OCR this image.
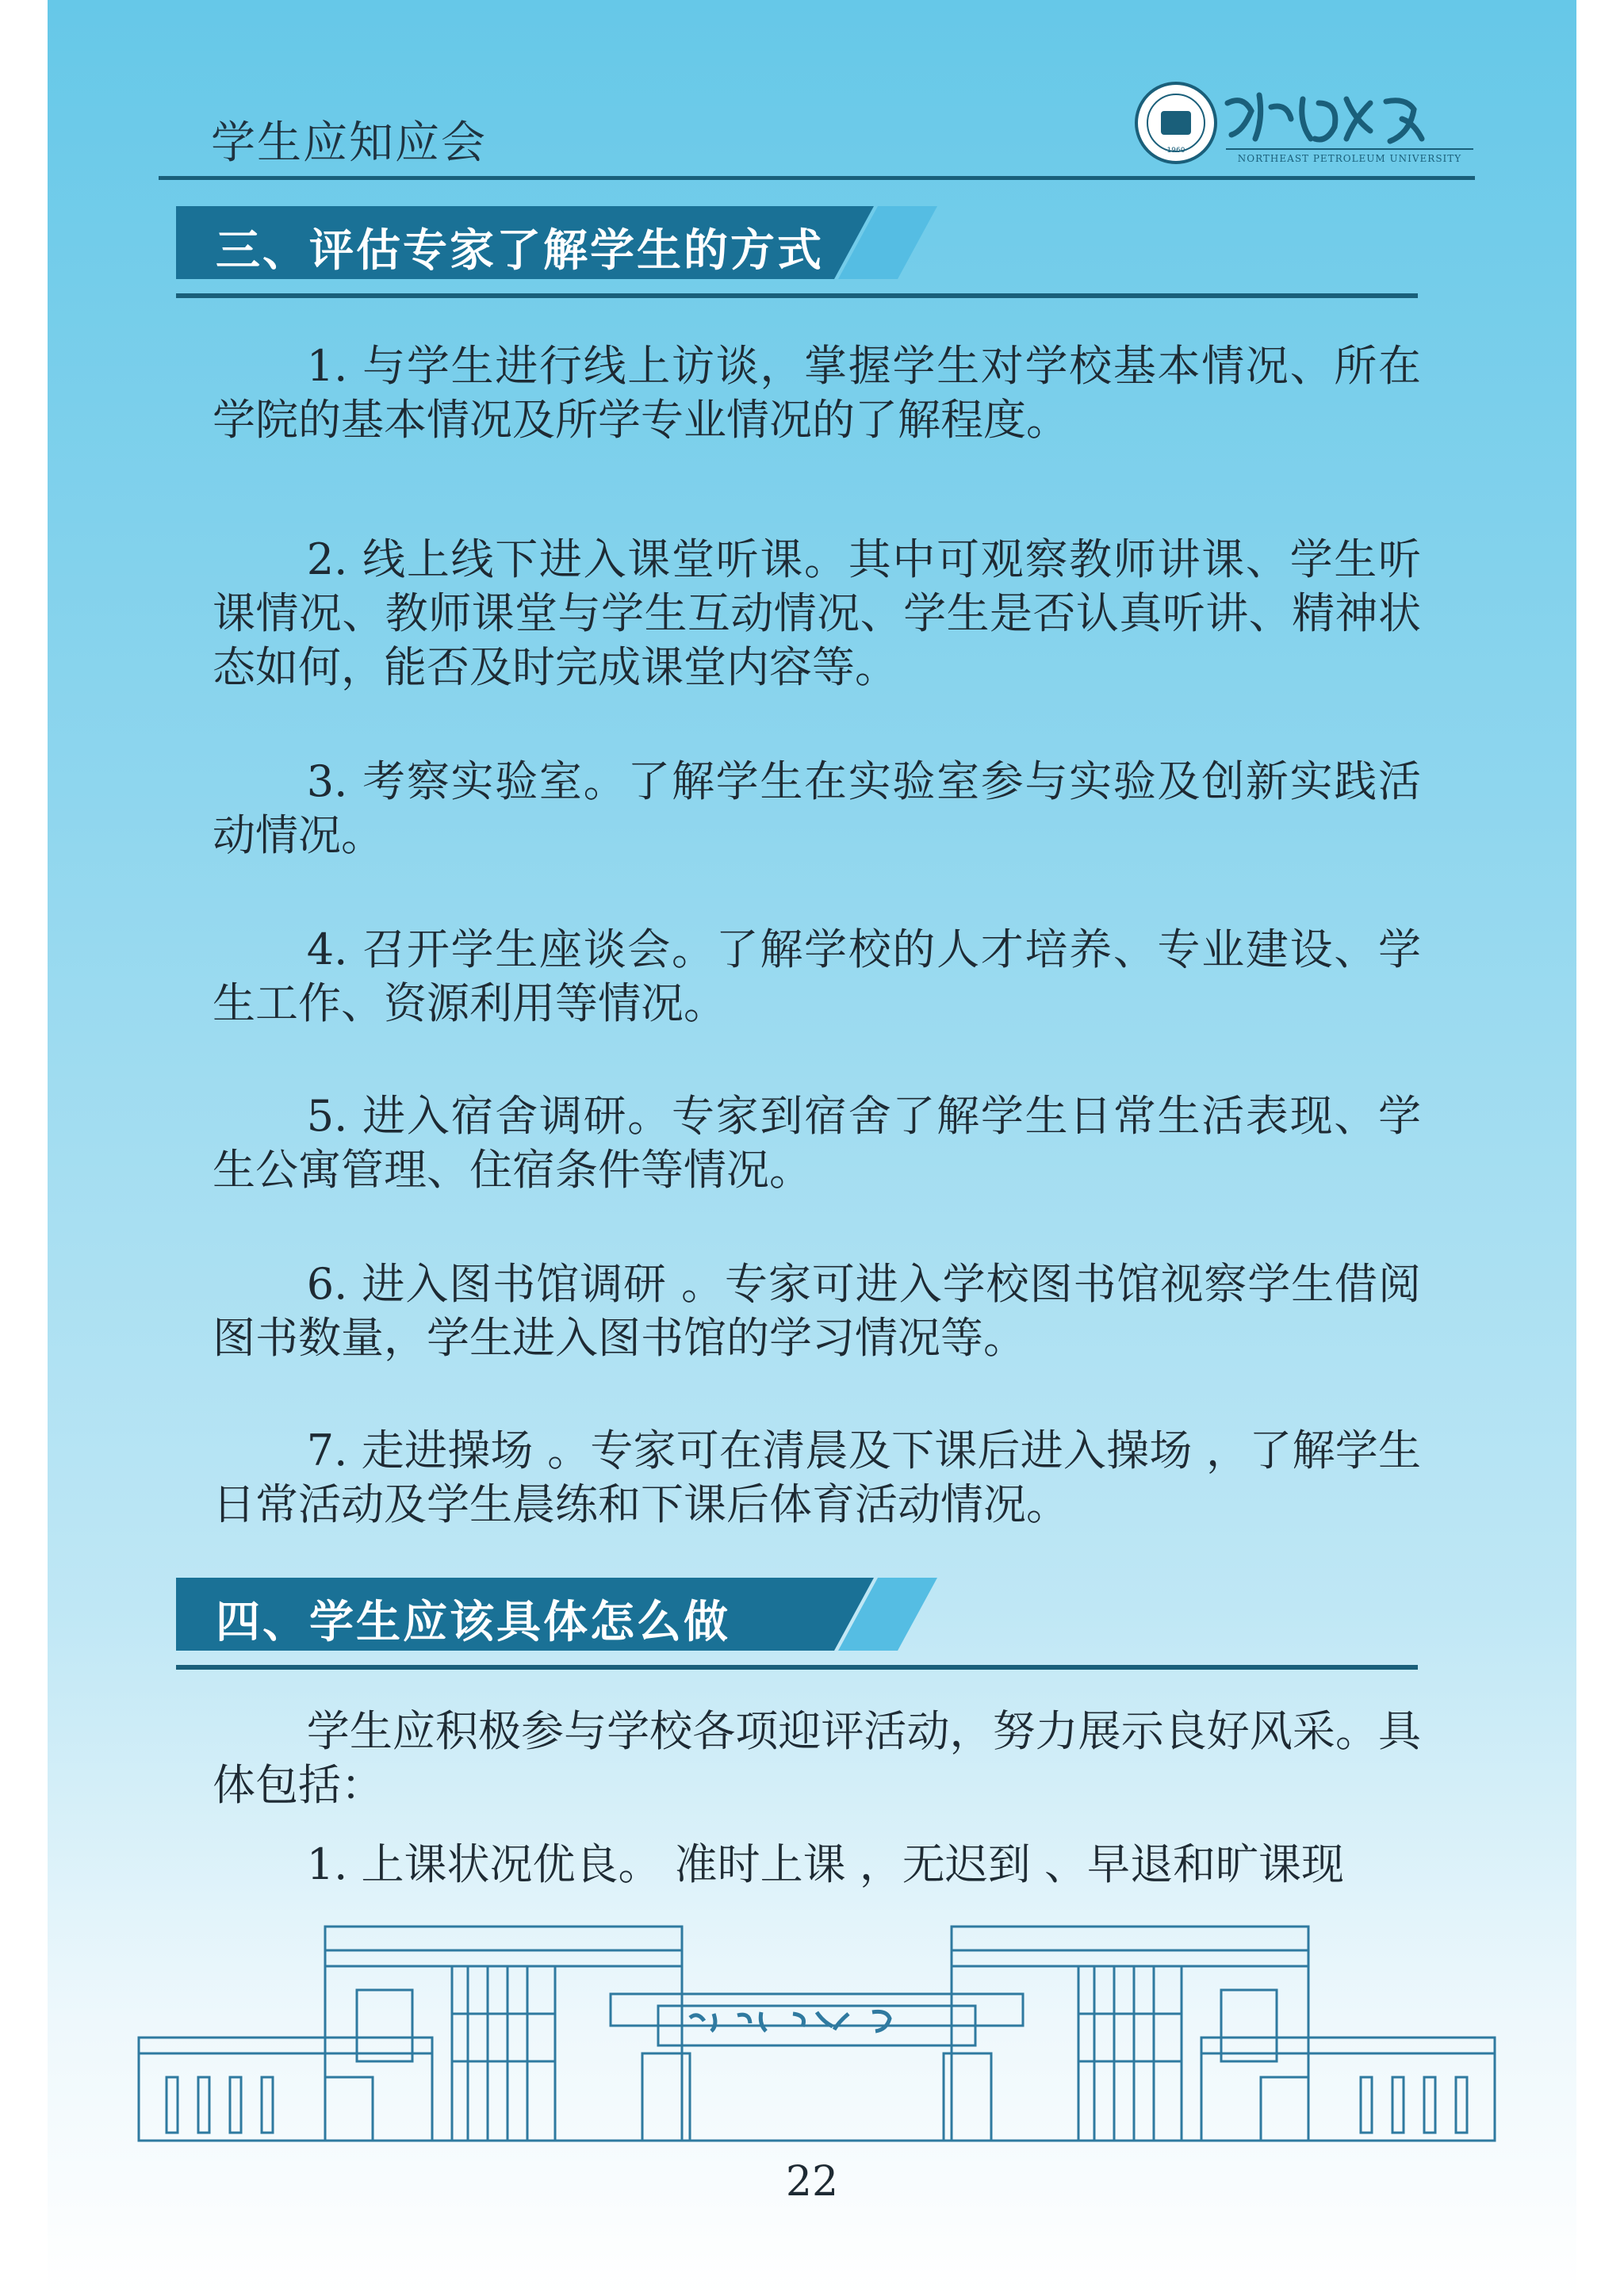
学生应知应会	1960
NORTHEAST PETROLEUM UNIVERSITY
三、评估专家了解学生的方式

1. 与学生进行线上访谈，掌握学生对学校基本情况、所在学院的基本情况及所学专业情况的了解程度。

2. 线上线下进入课堂听课。其中可观察教师讲课、学生听课情况、教师课堂与学生互动情况、学生是否认真听讲、精神状态如何，能否及时完成课堂内容等。

3. 考察实验室。了解学生在实验室参与实验及创新实践活动情况。

4. 召开学生座谈会。了解学校的人才培养、专业建设、学生工作、资源利用等情况。

5. 进入宿舍调研。专家到宿舍了解学生日常生活表现、学生公寓管理、住宿条件等情况。

6. 进入图书馆调研 。专家可进入学校图书馆视察学生借阅图书数量，学生进入图书馆的学习情况等。

7. 走进操场 。专家可在清晨及下课后进入操场 ，了解学生日常活动及学生晨练和下课后体育活动情况。

四、学生应该具体怎么做

学生应积极参与学校各项迎评活动，努力展示良好风采。具体包括：

1. 上课状况优良。 准时上课 ，无迟到 、早退和旷课现

22
